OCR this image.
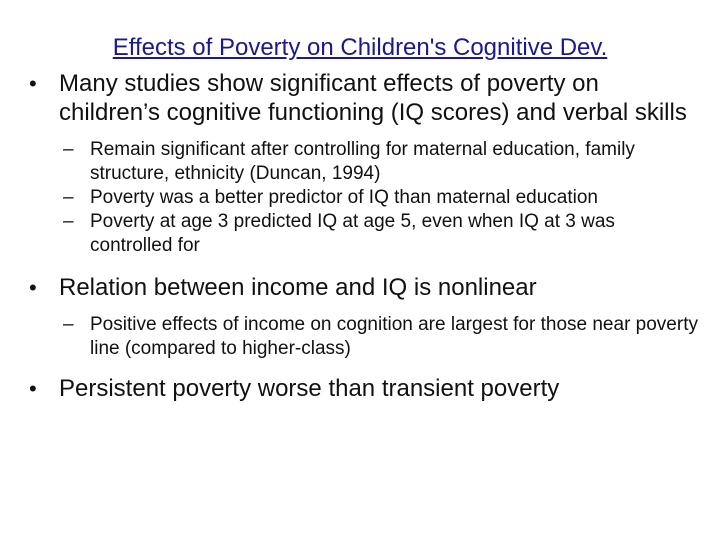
Effects of Poverty on Children's Cognitive Dev.
• Many studies show significant effects of poverty on children’s cognitive functioning (IQ scores) and verbal skills
– Remain significant after controlling for maternal education, family structure, ethnicity (Duncan, 1994)
– Poverty was a better predictor of IQ than maternal education
– Poverty at age 3 predicted IQ at age 5, even when IQ at 3 was controlled for
• Relation between income and IQ is nonlinear
– Positive effects of income on cognition are largest for those near poverty line (compared to higher-class)
• Persistent poverty worse than transient poverty
